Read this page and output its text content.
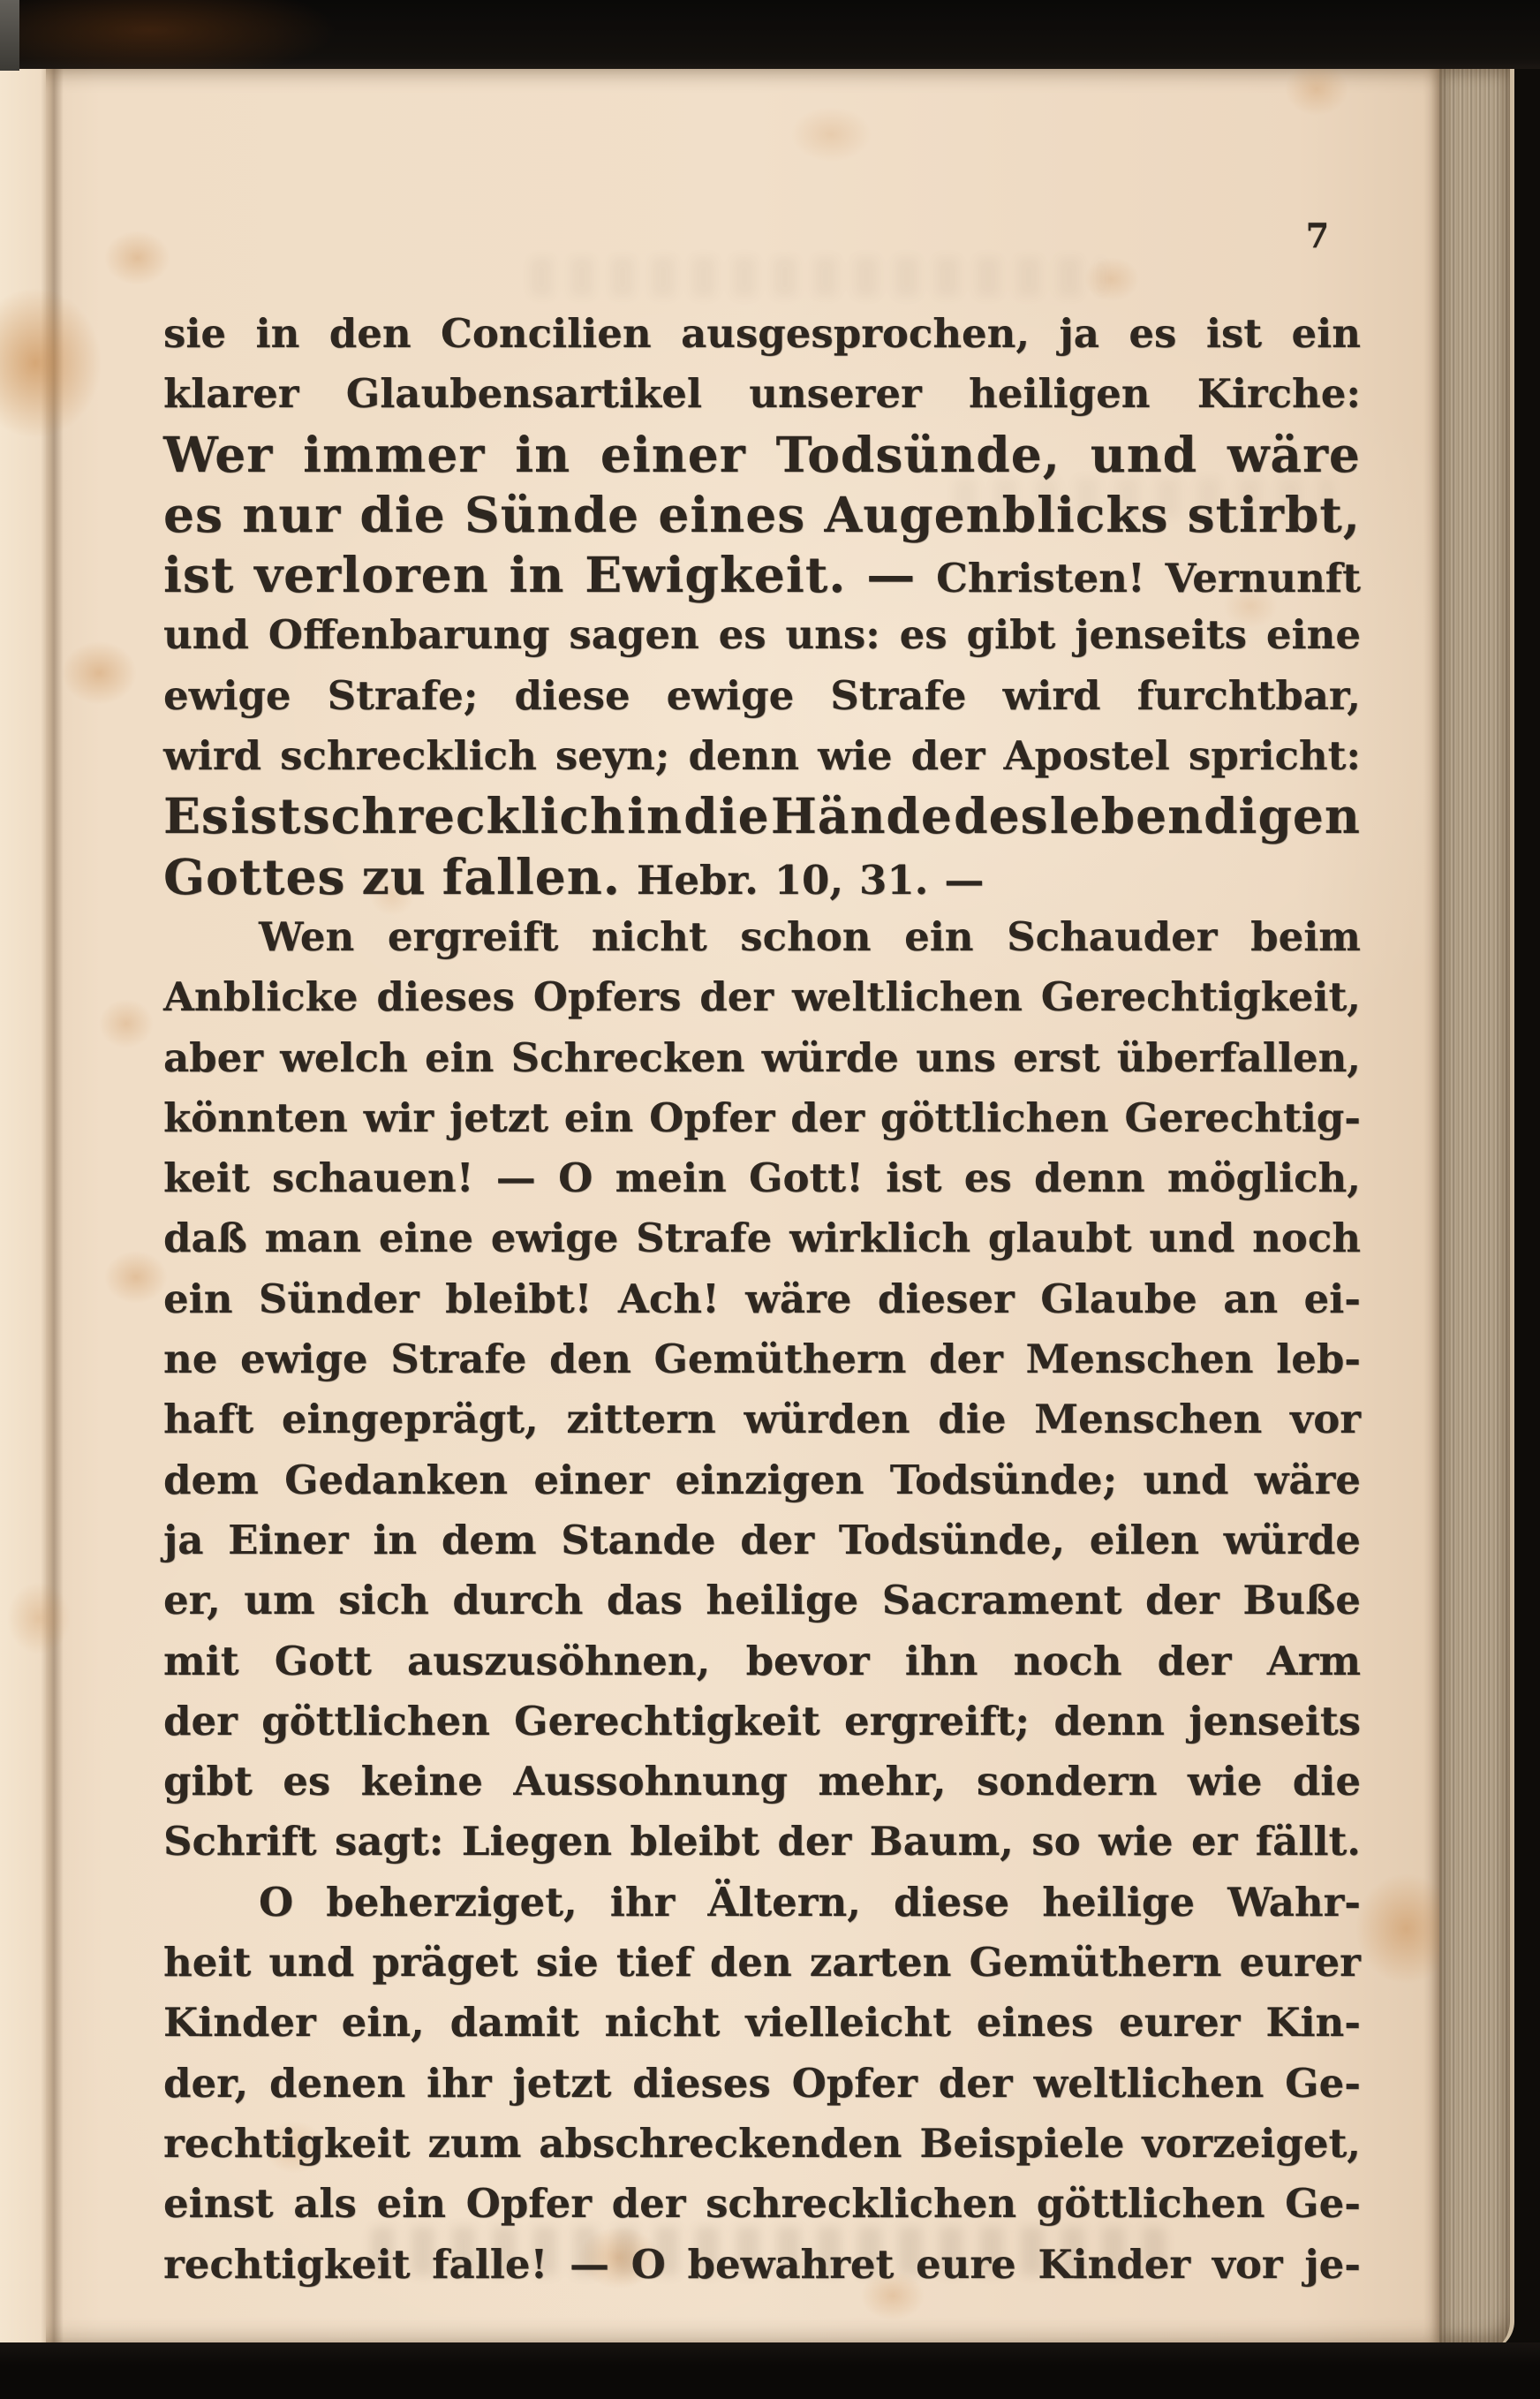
7
sie in den Concilien ausgesprochen, ja es ist ein
klarer Glaubensartikel unserer heiligen Kirche:
Wer immer in einer Todsünde, und wäre
es nur die Sünde eines Augenblicks stirbt,
ist verloren in Ewigkeit. — Christen! Vernunft
und Offenbarung sagen es uns: es gibt jenseits eine
ewige Strafe; diese ewige Strafe wird furchtbar,
wird schrecklich seyn; denn wie der Apostel spricht:
Es ist schrecklich in die Hände des lebendigen
Gottes zu fallen. Hebr. 10, 31. —
Wen ergreift nicht schon ein Schauder beim
Anblicke dieses Opfers der weltlichen Gerechtigkeit,
aber welch ein Schrecken würde uns erst überfallen,
könnten wir jetzt ein Opfer der göttlichen Gerechtig-
keit schauen! — O mein Gott! ist es denn möglich,
daß man eine ewige Strafe wirklich glaubt und noch
ein Sünder bleibt! Ach! wäre dieser Glaube an ei-
ne ewige Strafe den Gemüthern der Menschen leb-
haft eingeprägt, zittern würden die Menschen vor
dem Gedanken einer einzigen Todsünde; und wäre
ja Einer in dem Stande der Todsünde, eilen würde
er, um sich durch das heilige Sacrament der Buße
mit Gott auszusöhnen, bevor ihn noch der Arm
der göttlichen Gerechtigkeit ergreift; denn jenseits
gibt es keine Aussohnung mehr, sondern wie die
Schrift sagt: Liegen bleibt der Baum, so wie er fällt.
O beherziget, ihr Ältern, diese heilige Wahr-
heit und präget sie tief den zarten Gemüthern eurer
Kinder ein, damit nicht vielleicht eines eurer Kin-
der, denen ihr jetzt dieses Opfer der weltlichen Ge-
rechtigkeit zum abschreckenden Beispiele vorzeiget,
einst als ein Opfer der schrecklichen göttlichen Ge-
rechtigkeit falle! — O bewahret eure Kinder vor je-
